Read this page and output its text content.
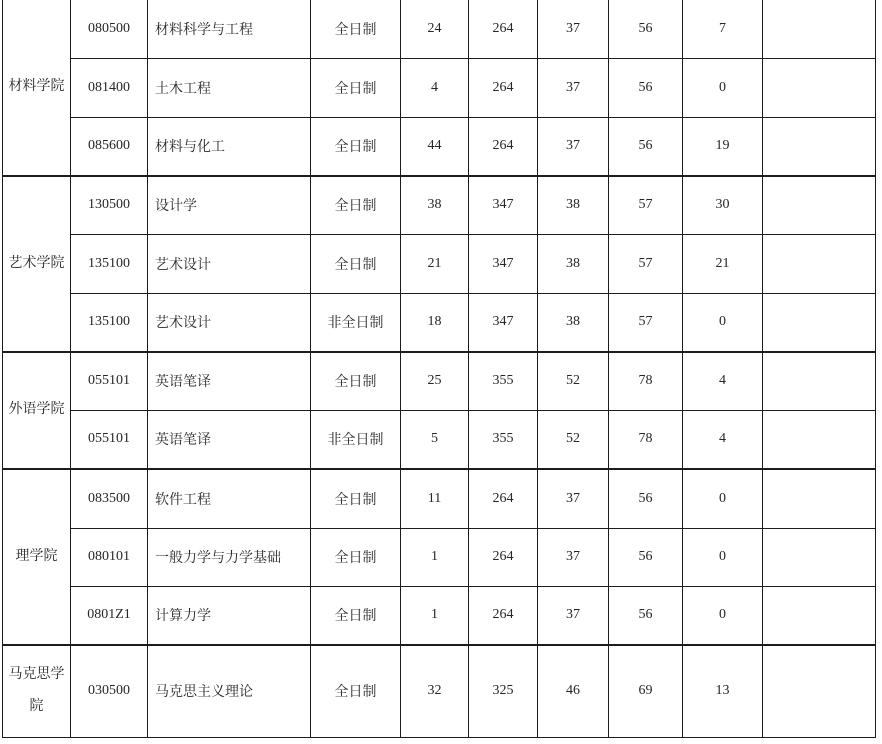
材料学院	080500	材料科学与工程	全日制	24	264	37	56	7	
	081400	土木工程	全日制	4	264	37	56	0	
	085600	材料与化工	全日制	44	264	37	56	19	
艺术学院	130500	设计学	全日制	38	347	38	57	30	
	135100	艺术设计	全日制	21	347	38	57	21	
	135100	艺术设计	非全日制	18	347	38	57	0	
外语学院	055101	英语笔译	全日制	25	355	52	78	4	
	055101	英语笔译	非全日制	5	355	52	78	4	
理学院	083500	软件工程	全日制	11	264	37	56	0	
	080101	一般力学与力学基础	全日制	1	264	37	56	0	
	0801Z1	计算力学	全日制	1	264	37	56	0	
马克思学院	030500	马克思主义理论	全日制	32	325	46	69	13	
